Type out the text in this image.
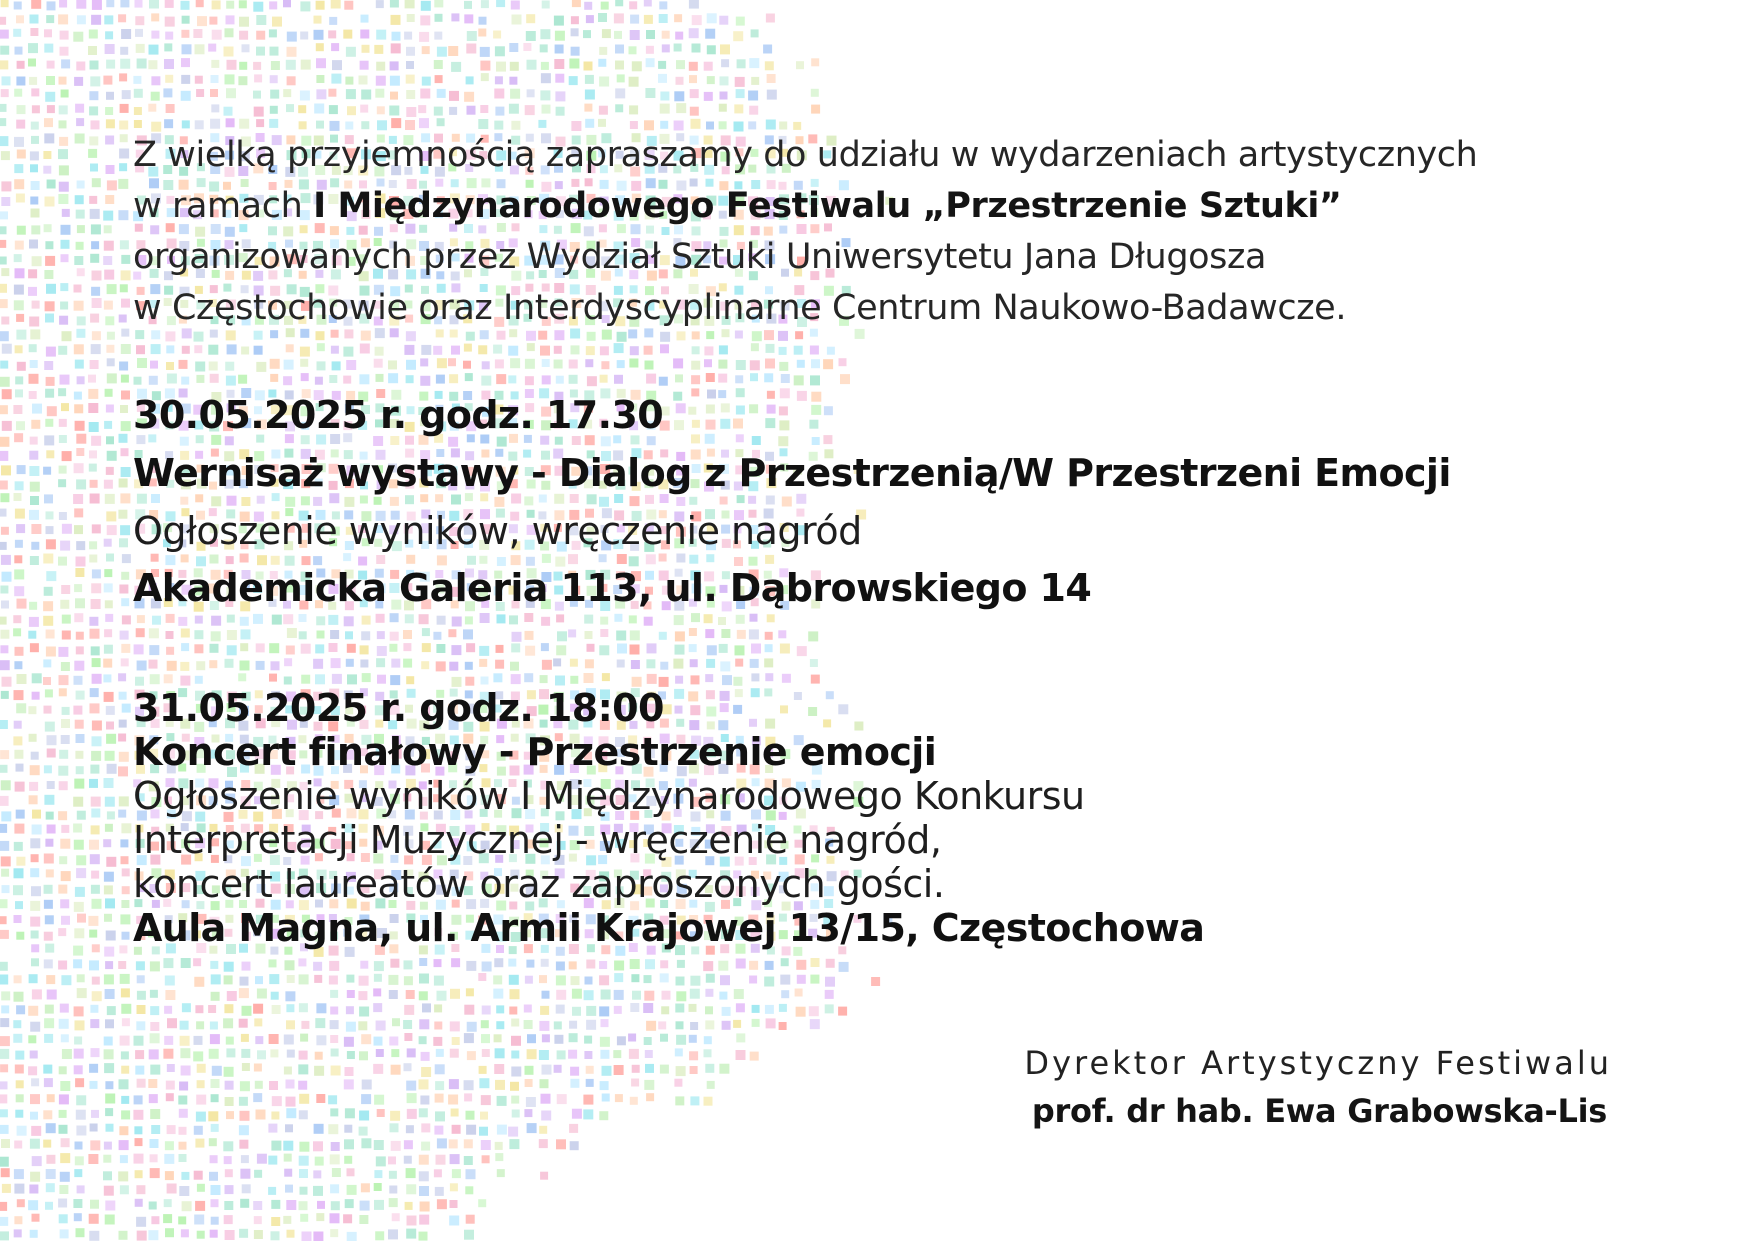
Z wielką przyjemnością zapraszamy do udziału w wydarzeniach artystycznych
w ramach I Międzynarodowego Festiwalu „Przestrzenie Sztuki”
organizowanych przez Wydział Sztuki Uniwersytetu Jana Długosza
w Częstochowie oraz Interdyscyplinarne Centrum Naukowo-Badawcze.
30.05.2025 r. godz. 17.30
Wernisaż wystawy - Dialog z Przestrzenią/W Przestrzeni Emocji
Ogłoszenie wyników, wręczenie nagród
Akademicka Galeria 113, ul. Dąbrowskiego 14
31.05.2025 r. godz. 18:00
Koncert finałowy - Przestrzenie emocji
Ogłoszenie wyników I Międzynarodowego Konkursu
Interpretacji Muzycznej - wręczenie nagród,
koncert laureatów oraz zaproszonych gości.
Aula Magna, ul. Armii Krajowej 13/15, Częstochowa
Dyrektor Artystyczny Festiwalu
prof. dr hab. Ewa Grabowska-Lis
